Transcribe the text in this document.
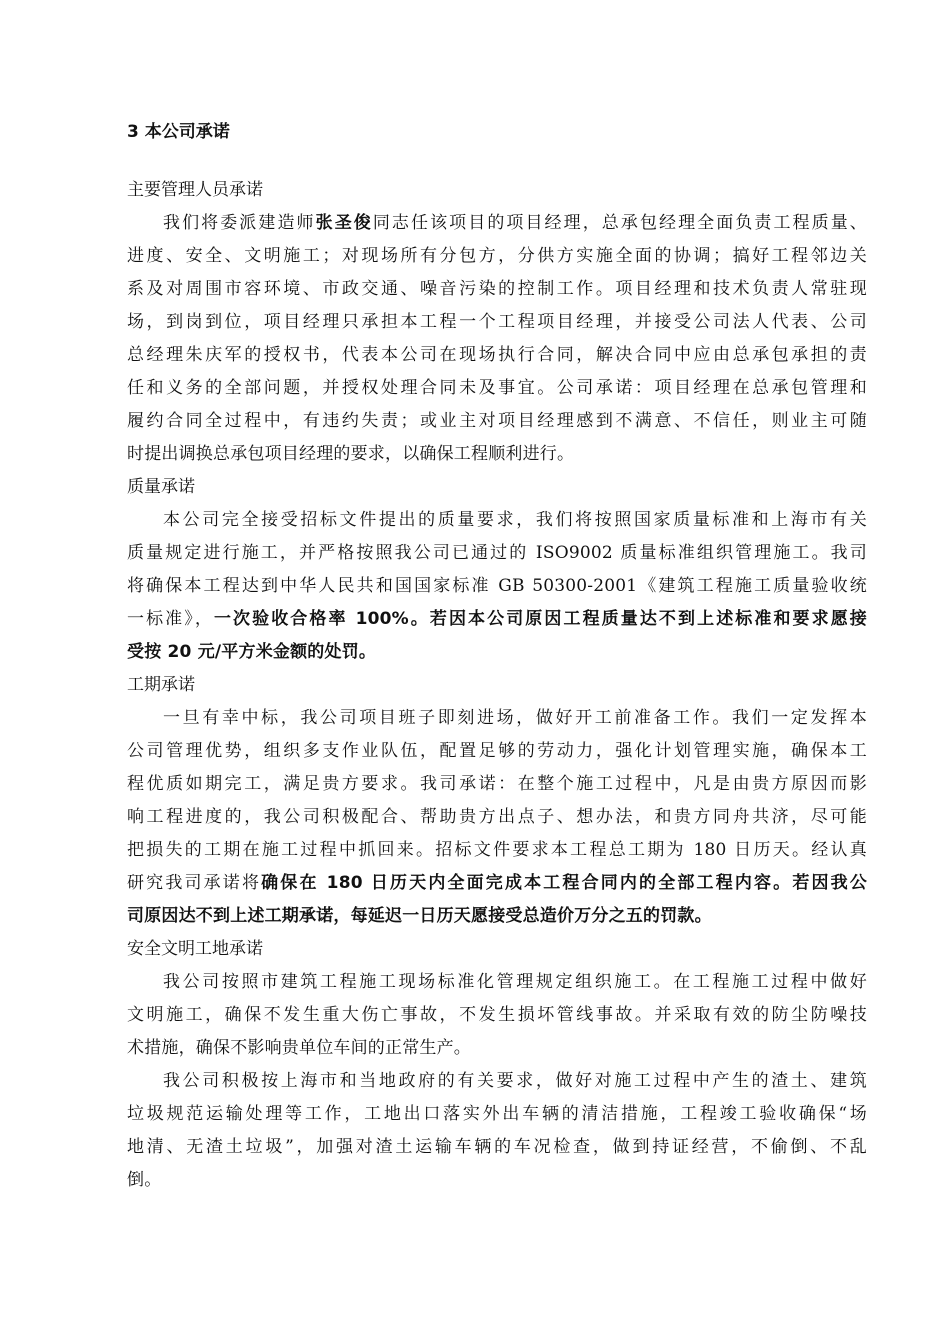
3 本公司承诺
主要管理人员承诺
我们将委派建造师张圣俊同志任该项目的项目经理，总承包经理全面负责工程质量、
进度、安全、文明施工；对现场所有分包方，分供方实施全面的协调；搞好工程邻边关
系及对周围市容环境、市政交通、噪音污染的控制工作。项目经理和技术负责人常驻现
场，到岗到位，项目经理只承担本工程一个工程项目经理，并接受公司法人代表、公司
总经理朱庆军的授权书，代表本公司在现场执行合同，解决合同中应由总承包承担的责
任和义务的全部问题，并授权处理合同未及事宜。公司承诺：项目经理在总承包管理和
履约合同全过程中，有违约失责；或业主对项目经理感到不满意、不信任，则业主可随
时提出调换总承包项目经理的要求，以确保工程顺利进行。
质量承诺
本公司完全接受招标文件提出的质量要求，我们将按照国家质量标准和上海市有关
质量规定进行施工，并严格按照我公司已通过的 ISO9002 质量标准组织管理施工。我司
将确保本工程达到中华人民共和国国家标准 GB 50300-2001《建筑工程施工质量验收统
一标准》，一次验收合格率 100%。若因本公司原因工程质量达不到上述标准和要求愿接
受按 20 元/平方米金额的处罚。
工期承诺
一旦有幸中标，我公司项目班子即刻进场，做好开工前准备工作。我们一定发挥本
公司管理优势，组织多支作业队伍，配置足够的劳动力，强化计划管理实施，确保本工
程优质如期完工，满足贵方要求。我司承诺：在整个施工过程中，凡是由贵方原因而影
响工程进度的，我公司积极配合、帮助贵方出点子、想办法，和贵方同舟共济，尽可能
把损失的工期在施工过程中抓回来。招标文件要求本工程总工期为 180 日历天。经认真
研究我司承诺将确保在 180 日历天内全面完成本工程合同内的全部工程内容。若因我公
司原因达不到上述工期承诺，每延迟一日历天愿接受总造价万分之五的罚款。
安全文明工地承诺
我公司按照市建筑工程施工现场标准化管理规定组织施工。在工程施工过程中做好
文明施工，确保不发生重大伤亡事故，不发生损坏管线事故。并采取有效的防尘防噪技
术措施，确保不影响贵单位车间的正常生产。
我公司积极按上海市和当地政府的有关要求，做好对施工过程中产生的渣土、建筑
垃圾规范运输处理等工作，工地出口落实外出车辆的清洁措施，工程竣工验收确保“场
地清、无渣土垃圾”，加强对渣土运输车辆的车况检查，做到持证经营，不偷倒、不乱
倒。
